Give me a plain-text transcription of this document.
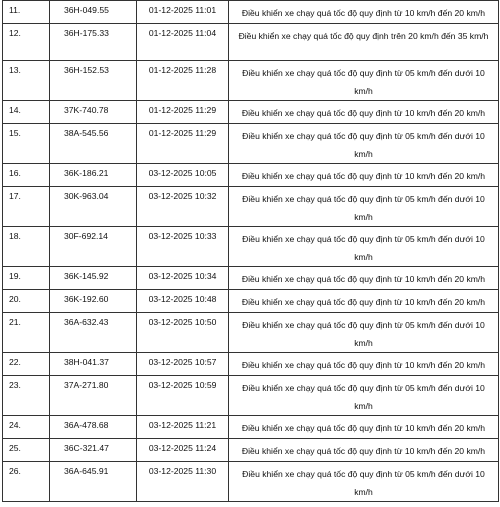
11.	36H-049.55	01-12-2025 11:01	Điều khiển xe chạy quá tốc độ quy định từ 10 km/h đến 20 km/h
12.	36H-175.33	01-12-2025 11:04	Điều khiển xe chạy quá tốc độ quy định trên 20 km/h đến 35 km/h
13.	36H-152.53	01-12-2025 11:28	Điều khiển xe chạy quá tốc độ quy định từ 05 km/h đến dưới 10 km/h
14.	37K-740.78	01-12-2025 11:29	Điều khiển xe chạy quá tốc độ quy định từ 10 km/h đến 20 km/h
15.	38A-545.56	01-12-2025 11:29	Điều khiển xe chạy quá tốc độ quy định từ 05 km/h đến dưới 10 km/h
16.	36K-186.21	03-12-2025 10:05	Điều khiển xe chạy quá tốc độ quy định từ 10 km/h đến 20 km/h
17.	30K-963.04	03-12-2025 10:32	Điều khiển xe chạy quá tốc độ quy định từ 05 km/h đến dưới 10 km/h
18.	30F-692.14	03-12-2025 10:33	Điều khiển xe chạy quá tốc độ quy định từ 05 km/h đến dưới 10 km/h
19.	36K-145.92	03-12-2025 10:34	Điều khiển xe chạy quá tốc độ quy định từ 10 km/h đến 20 km/h
20.	36K-192.60	03-12-2025 10:48	Điều khiển xe chạy quá tốc độ quy định từ 10 km/h đến 20 km/h
21.	36A-632.43	03-12-2025 10:50	Điều khiển xe chạy quá tốc độ quy định từ 05 km/h đến dưới 10 km/h
22.	38H-041.37	03-12-2025 10:57	Điều khiển xe chạy quá tốc độ quy định từ 10 km/h đến 20 km/h
23.	37A-271.80	03-12-2025 10:59	Điều khiển xe chạy quá tốc độ quy định từ 05 km/h đến dưới 10 km/h
24.	36A-478.68	03-12-2025 11:21	Điều khiển xe chạy quá tốc độ quy định từ 10 km/h đến 20 km/h
25.	36C-321.47	03-12-2025 11:24	Điều khiển xe chạy quá tốc độ quy định từ 10 km/h đến 20 km/h
26.	36A-645.91	03-12-2025 11:30	Điều khiển xe chạy quá tốc độ quy định từ 05 km/h đến dưới 10 km/h
